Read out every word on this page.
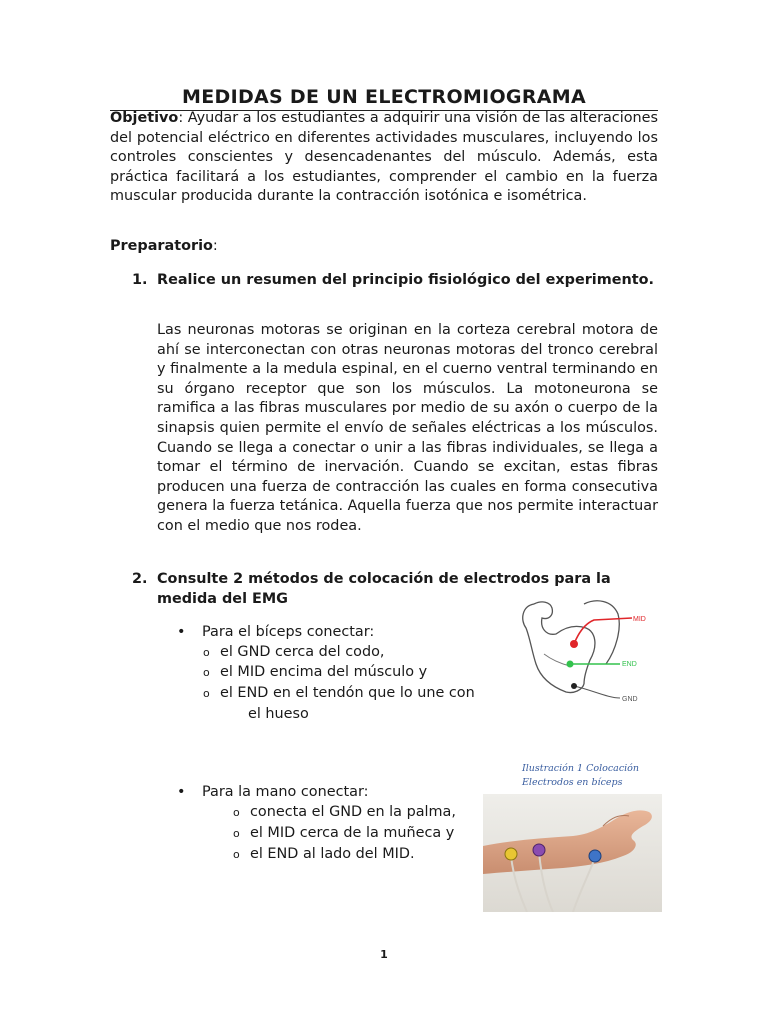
MEDIDAS DE UN ELECTROMIOGRAMA
Objetivo: Ayudar a los estudiantes a adquirir una visión de las alteraciones del potencial eléctrico en diferentes actividades musculares, incluyendo los controles conscientes y desencadenantes del músculo. Además, esta práctica facilitará a los estudiantes, comprender el cambio en la fuerza muscular producida durante la contracción isotónica e isométrica.
Preparatorio:
1. Realice un resumen del principio fisiológico del experimento.
Las neuronas motoras se originan en la corteza cerebral motora de ahí se interconectan con otras neuronas motoras del tronco cerebral y finalmente a la medula espinal, en el cuerno ventral terminando en su órgano receptor que son los músculos. La motoneurona se ramifica a las fibras musculares por medio de su axón o cuerpo de la sinapsis quien permite el envío de señales eléctricas a los músculos. Cuando se llega a conectar o unir a las fibras individuales, se llega a tomar el término de inervación. Cuando se excitan, estas fibras producen una fuerza de contracción las cuales en forma consecutiva genera la fuerza tetánica. Aquella fuerza que nos permite interactuar con el medio que nos rodea.
2. Consulte 2 métodos de colocación de electrodos para la medida del EMG
• Para el bíceps conectar:
o el GND cerca del codo,
o el MID encima del músculo y
o el END en el tendón que lo une con
el hueso
• Para la mano conectar:
o conecta el GND en la palma,
o el MID cerca de la muñeca y
o el END al lado del MID.
MID
END
GND
Ilustración 1 Colocación
Electrodos en bíceps
1
